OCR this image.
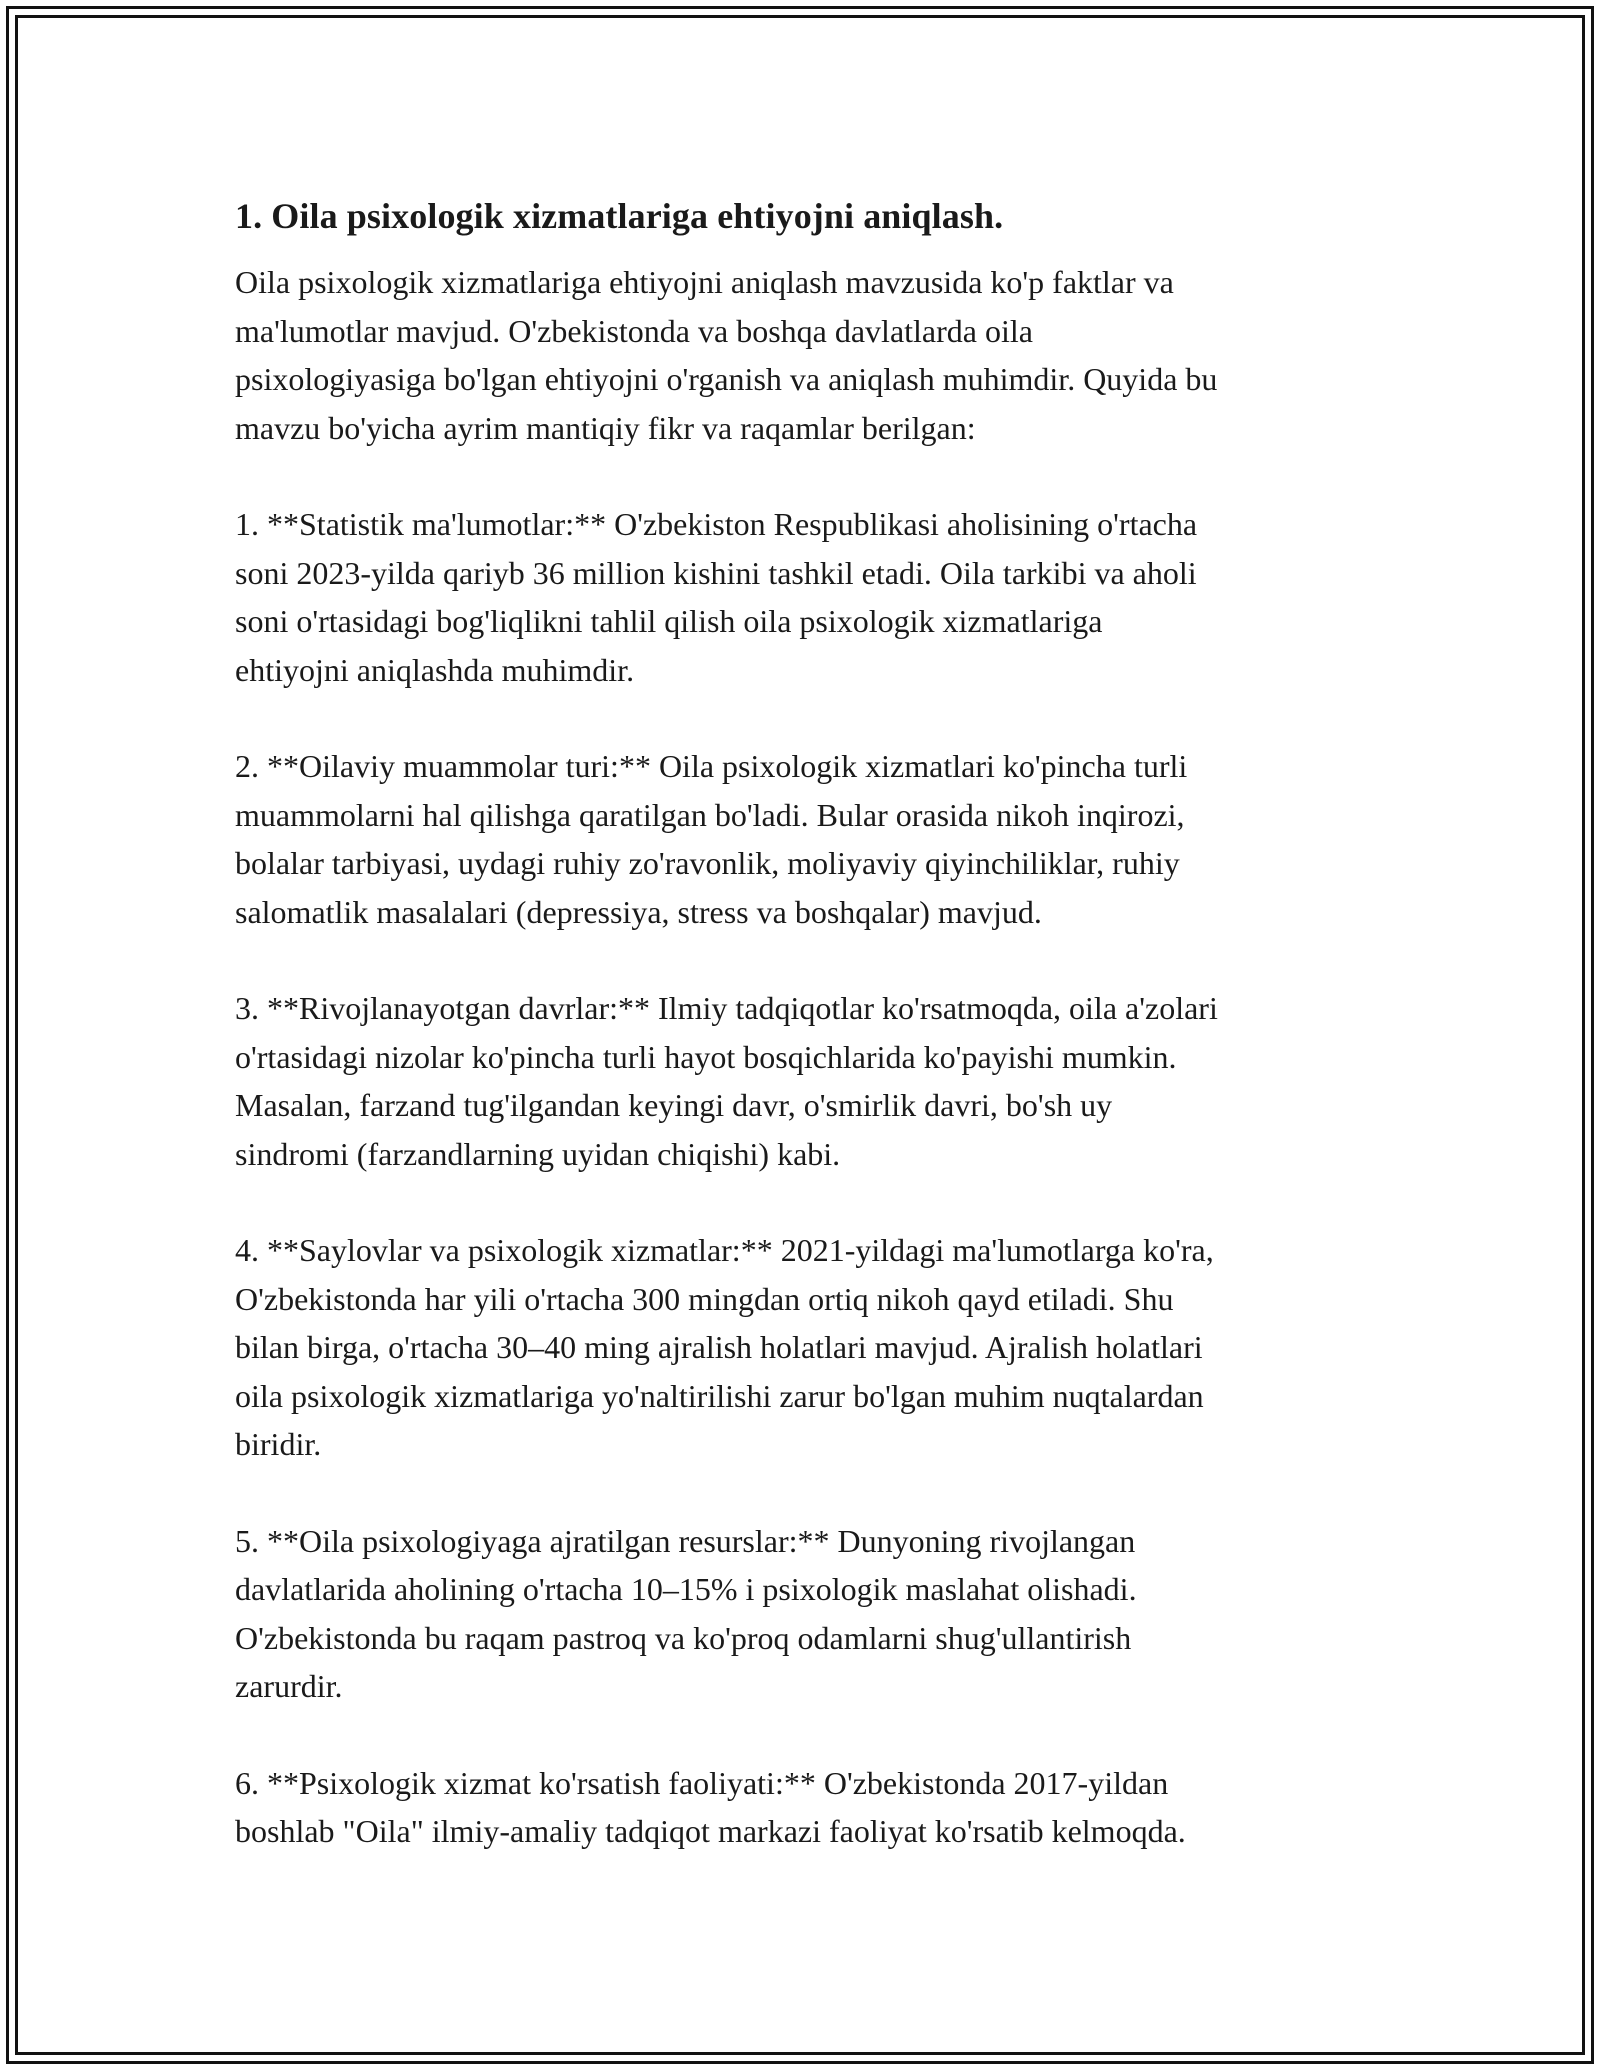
1. Oila psixologik xizmatlariga ehtiyojni aniqlash.

Oila psixologik xizmatlariga ehtiyojni aniqlash mavzusida ko'p faktlar va
ma'lumotlar mavjud. O'zbekistonda va boshqa davlatlarda oila
psixologiyasiga bo'lgan ehtiyojni o'rganish va aniqlash muhimdir. Quyida bu
mavzu bo'yicha ayrim mantiqiy fikr va raqamlar berilgan:

1. **Statistik ma'lumotlar:** O'zbekiston Respublikasi aholisining o'rtacha
soni 2023-yilda qariyb 36 million kishini tashkil etadi. Oila tarkibi va aholi
soni o'rtasidagi bog'liqlikni tahlil qilish oila psixologik xizmatlariga
ehtiyojni aniqlashda muhimdir.

2. **Oilaviy muammolar turi:** Oila psixologik xizmatlari ko'pincha turli
muammolarni hal qilishga qaratilgan bo'ladi. Bular orasida nikoh inqirozi,
bolalar tarbiyasi, uydagi ruhiy zo'ravonlik, moliyaviy qiyinchiliklar, ruhiy
salomatlik masalalari (depressiya, stress va boshqalar) mavjud.

3. **Rivojlanayotgan davrlar:** Ilmiy tadqiqotlar ko'rsatmoqda, oila a'zolari
o'rtasidagi nizolar ko'pincha turli hayot bosqichlarida ko'payishi mumkin.
Masalan, farzand tug'ilgandan keyingi davr, o'smirlik davri, bo'sh uy
sindromi (farzandlarning uyidan chiqishi) kabi.

4. **Saylovlar va psixologik xizmatlar:** 2021-yildagi ma'lumotlarga ko'ra,
O'zbekistonda har yili o'rtacha 300 mingdan ortiq nikoh qayd etiladi. Shu
bilan birga, o'rtacha 30–40 ming ajralish holatlari mavjud. Ajralish holatlari
oila psixologik xizmatlariga yo'naltirilishi zarur bo'lgan muhim nuqtalardan
biridir.

5. **Oila psixologiyaga ajratilgan resurslar:** Dunyoning rivojlangan
davlatlarida aholining o'rtacha 10–15% i psixologik maslahat olishadi.
O'zbekistonda bu raqam pastroq va ko'proq odamlarni shug'ullantirish
zarurdir.

6. **Psixologik xizmat ko'rsatish faoliyati:** O'zbekistonda 2017-yildan
boshlab "Oila" ilmiy-amaliy tadqiqot markazi faoliyat ko'rsatib kelmoqda.
